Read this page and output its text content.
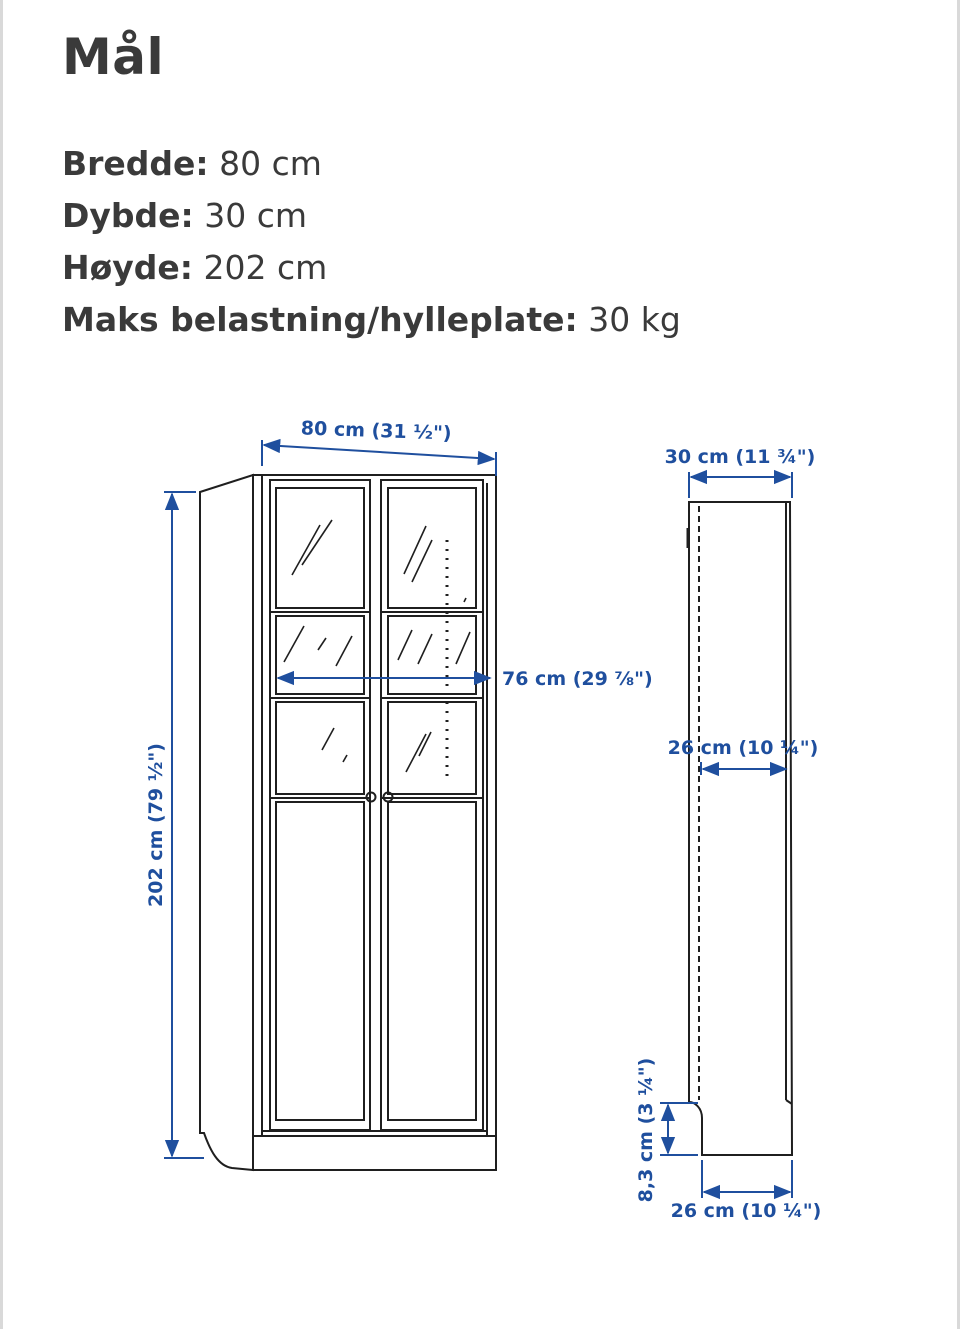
Mål
Bredde: 80 cm
Dybde: 30 cm
Høyde: 202 cm
Maks belastning/hylleplate: 30 kg
80 cm (31 ½")
202 cm (79 ½")
76 cm (29 ⅞")
30 cm (11 ¾")
26 cm (10 ¼")
8,3 cm (3 ¼")
26 cm (10 ¼")
